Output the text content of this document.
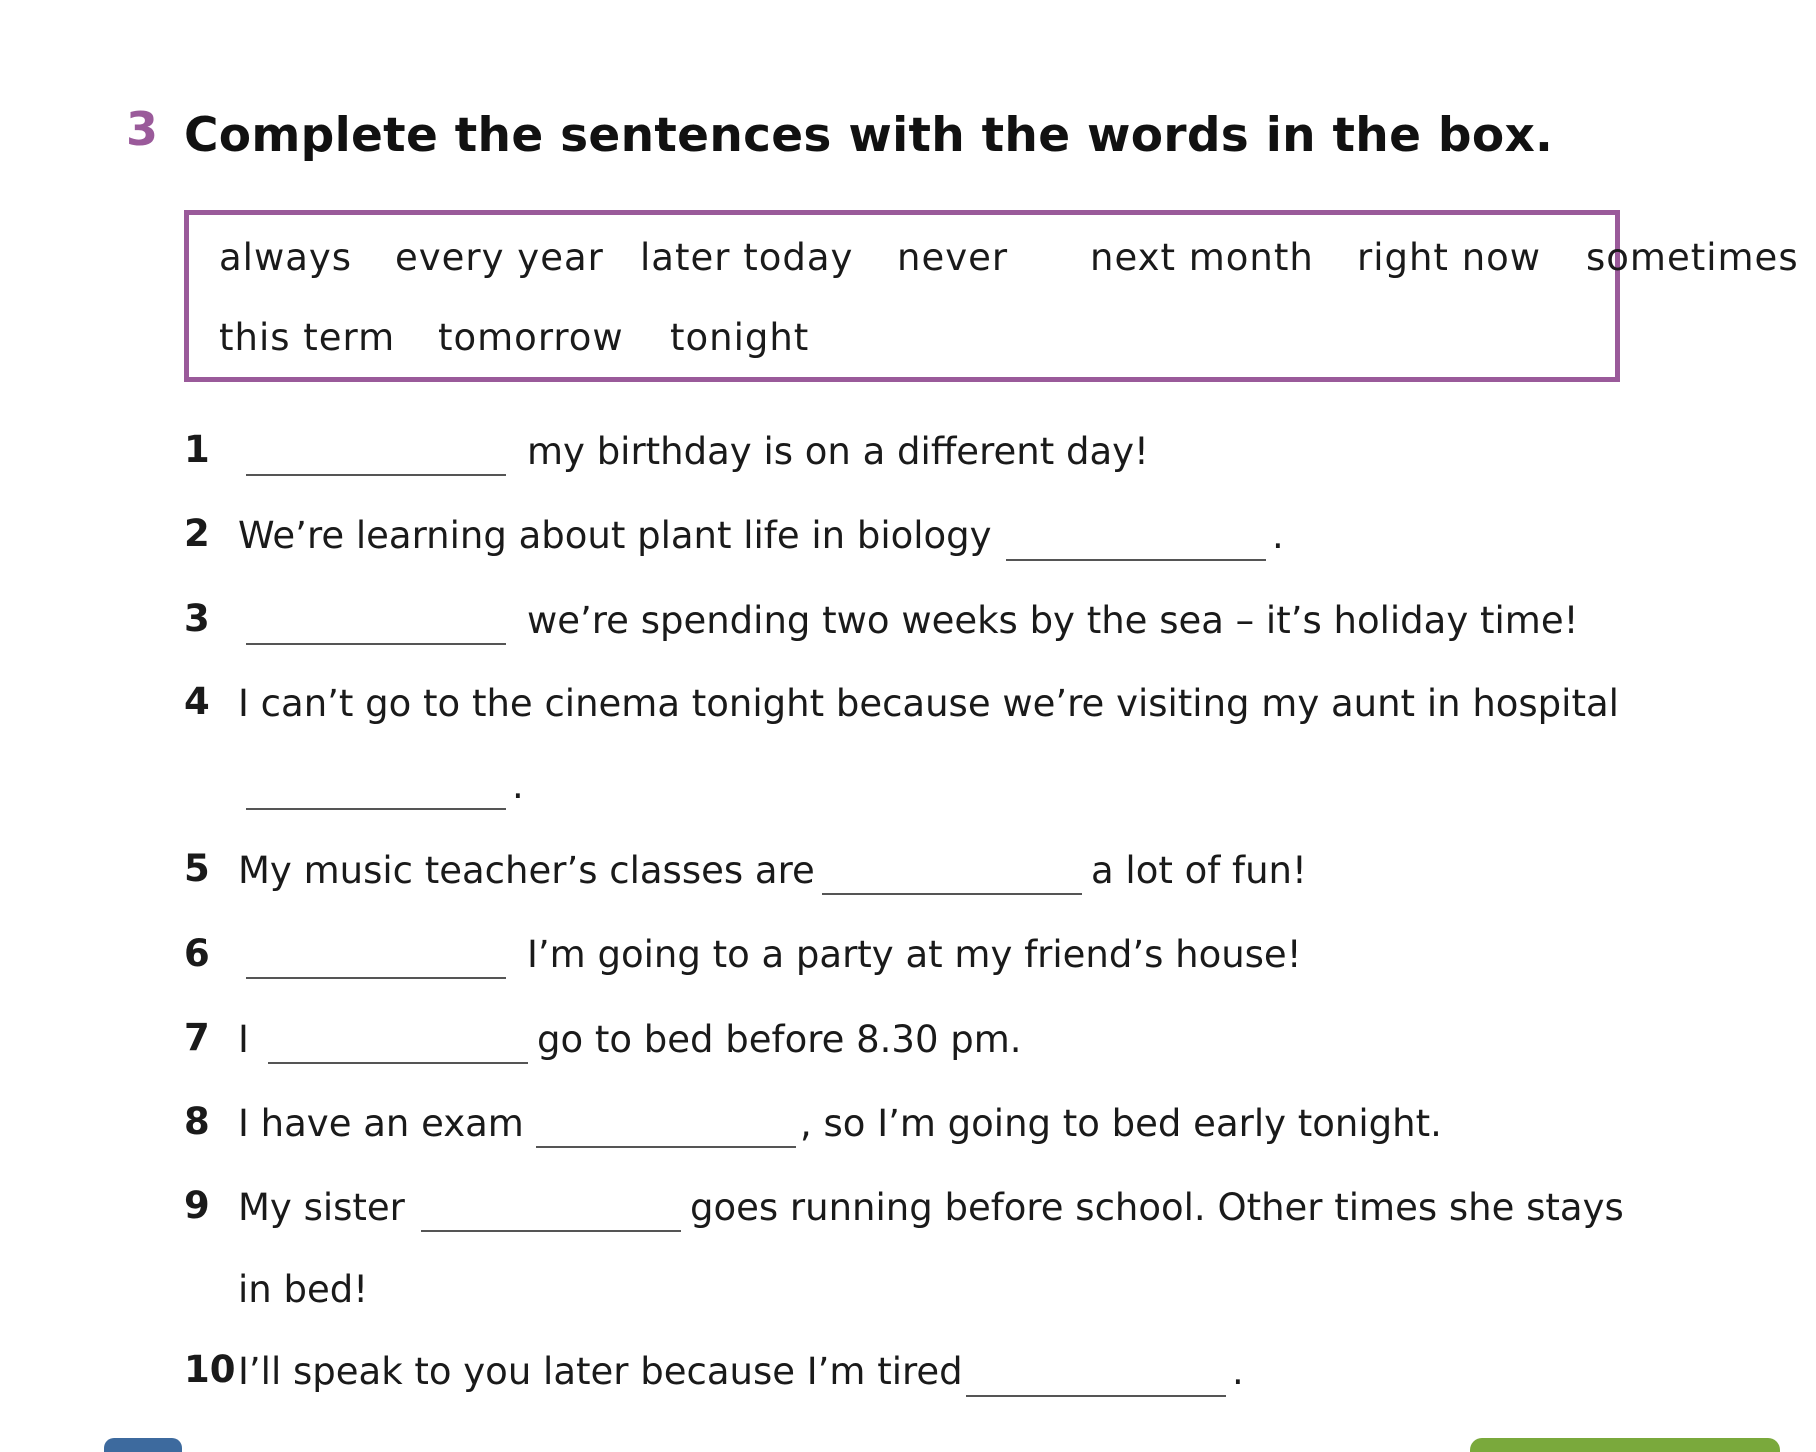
3 Complete the sentences with the words in the box.
always every year later today never next month right now sometimes
this term tomorrow tonight
1	my birthday is on a different day!
2 We’re learning about plant life in biology	.
3	we’re spending two weeks by the sea – it’s holiday time!
4 I can’t go to the cinema tonight because we’re visiting my aunt in hospital
.
5 My music teacher’s classes are	a lot of fun!
6	I’m going to a party at my friend’s house!
7 I	go to bed before 8.30 pm.
8 I have an exam	, so I’m going to bed early tonight.
9 My sister	goes running before school. Other times she stays
in bed!
10 I’ll speak to you later because I’m tired	.
